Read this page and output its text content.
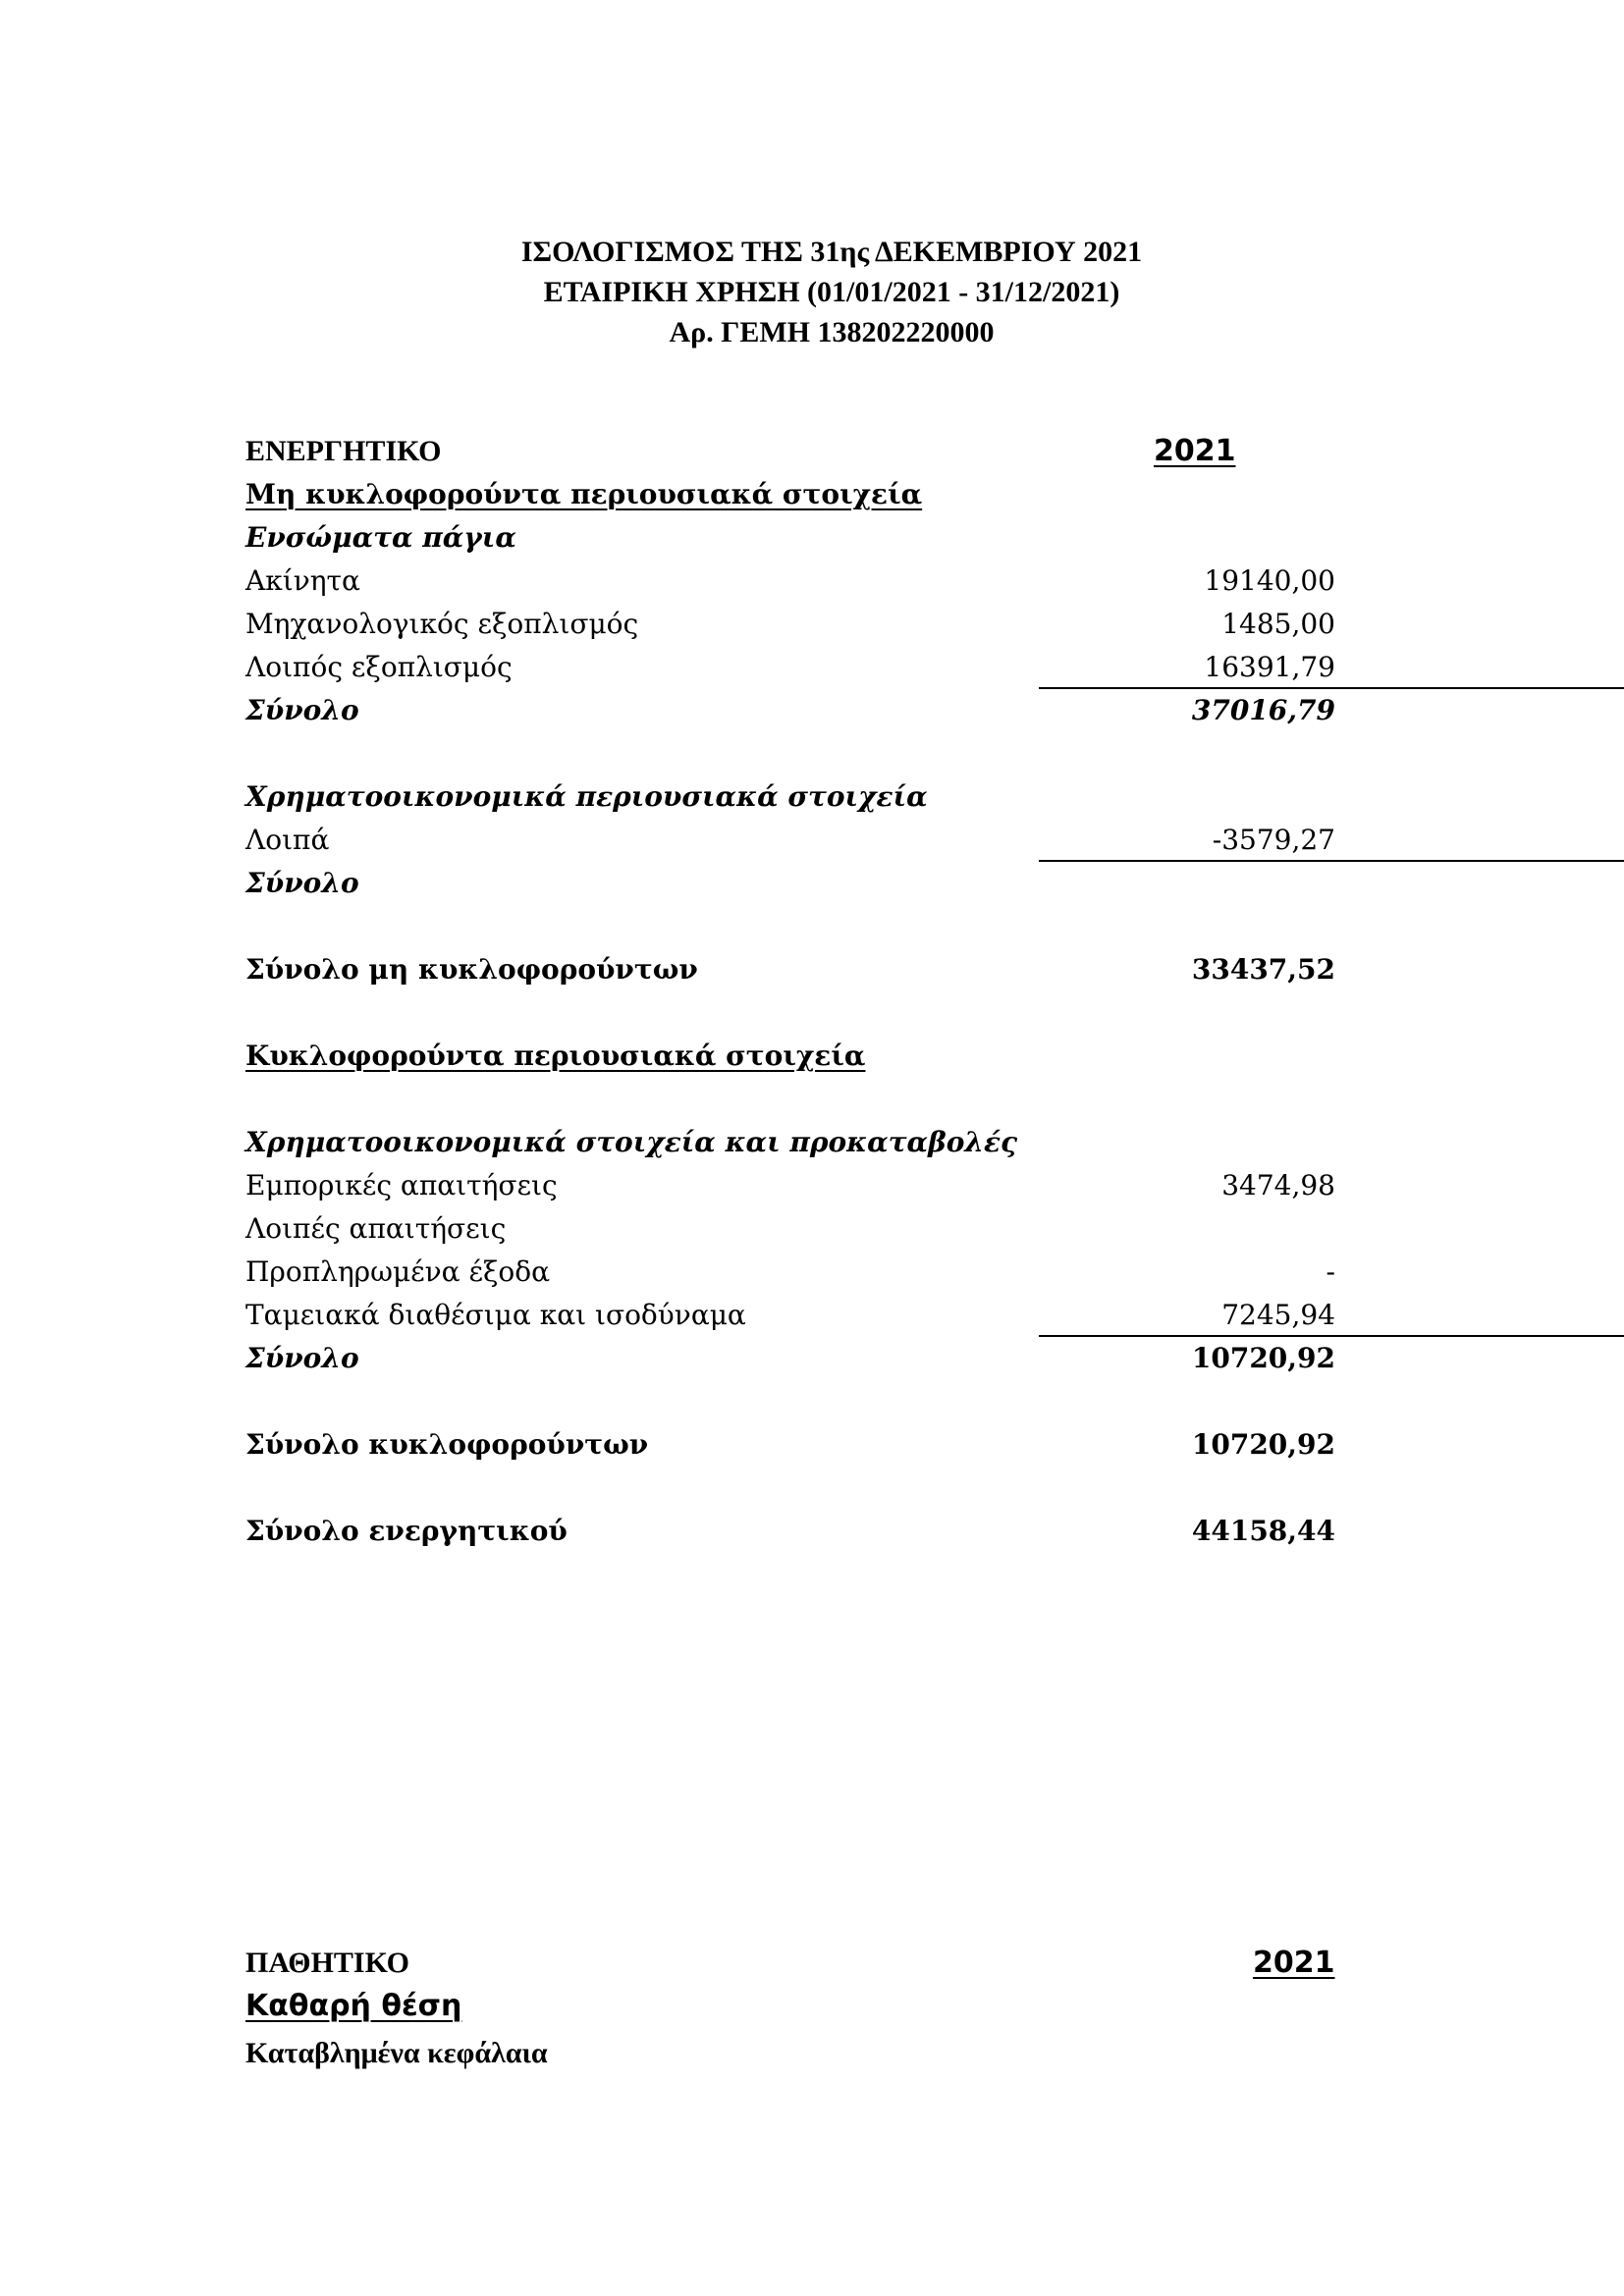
ΙΣΟΛΟΓΙΣΜΟΣ ΤΗΣ 31ης ΔΕΚΕΜΒΡΙΟΥ 2021
ΕΤΑΙΡΙΚΗ ΧΡΗΣΗ (01/01/2021 - 31/12/2021)
Αρ. ΓΕΜΗ 138202220000
ΕΝΕΡΓΗΤΙΚΟ	2021
Μη κυκλοφορούντα περιουσιακά στοιχεία
Ενσώματα πάγια
Ακίνητα	19140,00
Μηχανολογικός εξοπλισμός	1485,00
Λοιπός εξοπλισμός	16391,79
Σύνολο	37016,79
Χρηματοοικονομικά περιουσιακά στοιχεία
Λοιπά	-3579,27
Σύνολο
Σύνολο μη κυκλοφορούντων	33437,52
Κυκλοφορούντα περιουσιακά στοιχεία
Χρηματοοικονομικά στοιχεία και προκαταβολές
Εμπορικές απαιτήσεις	3474,98
Λοιπές απαιτήσεις
Προπληρωμένα έξοδα	-
Ταμειακά διαθέσιμα και ισοδύναμα	7245,94
Σύνολο	10720,92
Σύνολο κυκλοφορούντων	10720,92
Σύνολο ενεργητικού	44158,44
ΠΑΘΗΤΙΚΟ	2021
Καθαρή θέση
Καταβλημένα κεφάλαια
